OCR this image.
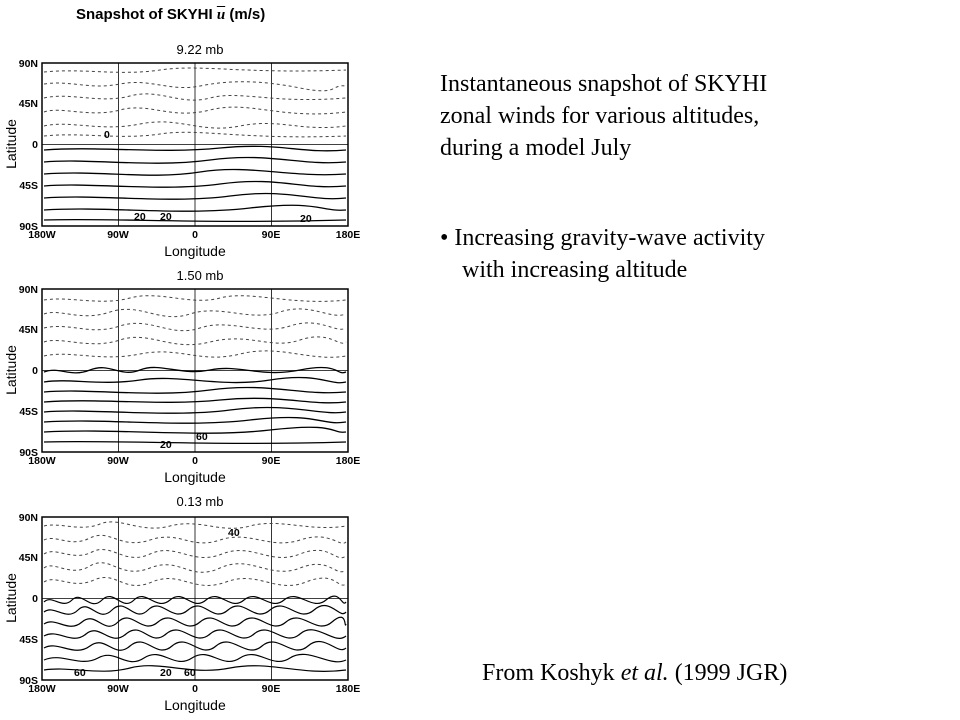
Snapshot of SKYHI $\overline{u}$ (m/s)
9.22 mb
90N
45N
0
45S
90S
180W	90W	0	90E	180E
Longitude
Latitude	0
20 20	20
1.50 mb
90N
45N
0
45S
90S
180W	90W	0	90E	180E
Longitude
Latitude
20
60
0.13 mb
90N
45N
0
45S
90S
180W	90W	0	90E	180E
Longitude
Latitude
40
60	20 60

Instantaneous snapshot of SKYHI

zonal winds for various altitudes,

during a model July

• Increasing gravity-wave activity
with increasing altitude
From Koshyk et al. (1999 JGR)
